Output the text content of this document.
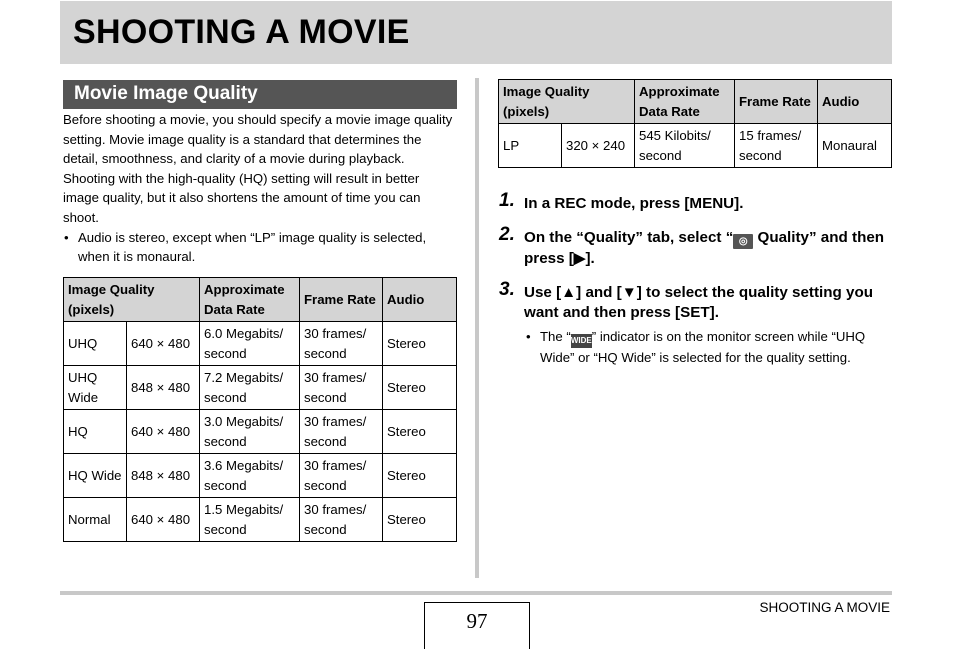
SHOOTING A MOVIE
Movie Image Quality
Before shooting a movie, you should specify a movie image quality setting. Movie image quality is a standard that determines the detail, smoothness, and clarity of a movie during playback. Shooting with the high-quality (HQ) setting will result in better image quality, but it also shortens the amount of time you can shoot.
• Audio is stereo, except when “LP” image quality is selected, when it is monaural.
Image Quality (pixels)		Approximate Data Rate	Frame Rate	Audio
UHQ	640 × 480	6.0 Megabits/ second	30 frames/ second	Stereo
UHQ Wide	848 × 480	7.2 Megabits/ second	30 frames/ second	Stereo
HQ	640 × 480	3.0 Megabits/ second	30 frames/ second	Stereo
HQ Wide	848 × 480	3.6 Megabits/ second	30 frames/ second	Stereo
Normal	640 × 480	1.5 Megabits/ second	30 frames/ second	Stereo
Image Quality (pixels)		Approximate Data Rate	Frame Rate	Audio
LP	320 × 240	545 Kilobits/ second	15 frames/ second	Monaural
1. In a REC mode, press [MENU].
2. On the “Quality” tab, select “ ◎ Quality” and then press [▶].
3. Use [▲] and [▼] to select the quality setting you want and then press [SET].
• The “WIDE” indicator is on the monitor screen while “UHQ Wide” or “HQ Wide” is selected for the quality setting.
97
SHOOTING A MOVIE
